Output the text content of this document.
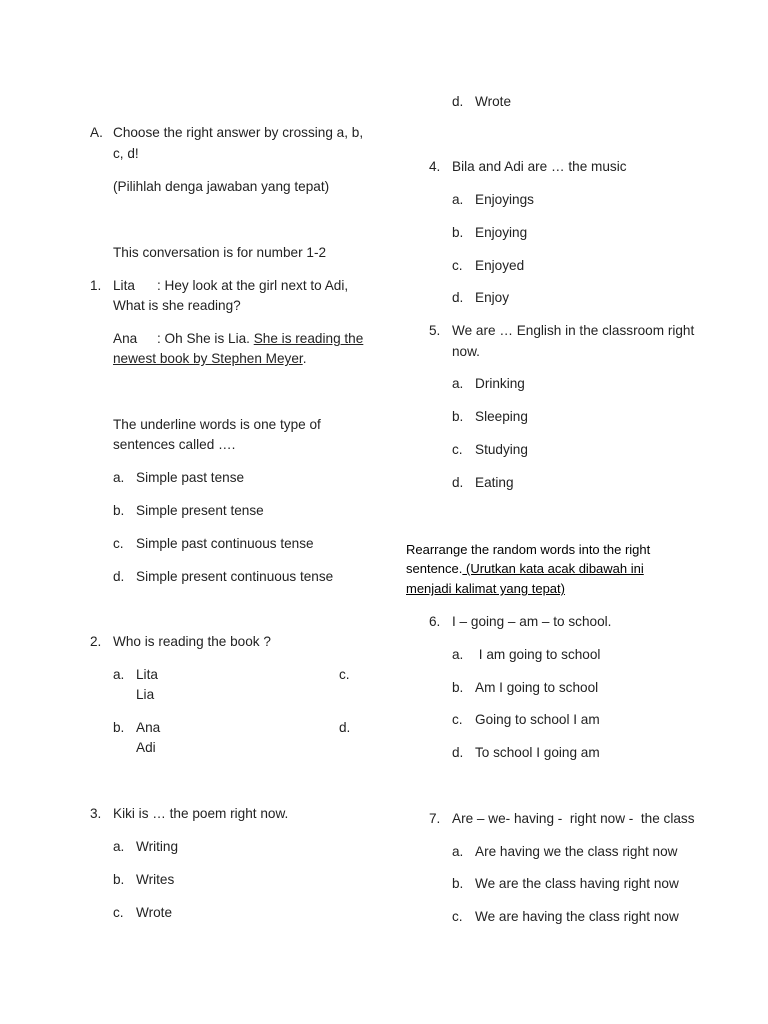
A. Choose the right answer by crossing a, b,
c, d!
(Pilihlah denga jawaban yang tepat)
This conversation is for number 1-2
1. Lita : Hey look at the girl next to Adi,
What is she reading?
Ana : Oh She is Lia. She is reading the
newest book by Stephen Meyer.
The underline words is one type of
sentences called ….
a. Simple past tense
b. Simple present tense
c. Simple past continuous tense
d. Simple present continuous tense
2. Who is reading the book ?
a. Lita	c.
Lia
b. Ana	d.
Adi
3. Kiki is … the poem right now.
a. Writing
b. Writes
c. Wrote
d. Wrote
4. Bila and Adi are … the music
a. Enjoyings
b. Enjoying
c. Enjoyed
d. Enjoy
5. We are … English in the classroom right
now.
a. Drinking
b. Sleeping
c. Studying
d. Eating
Rearrange the random words into the right
sentence. (Urutkan kata acak dibawah ini
menjadi kalimat yang tepat)
6. I – going – am – to school.
a. I am going to school
b. Am I going to school
c. Going to school I am
d. To school I going am
7. Are – we- having -  right now -  the class
a. Are having we the class right now
b. We are the class having right now
c. We are having the class right now
